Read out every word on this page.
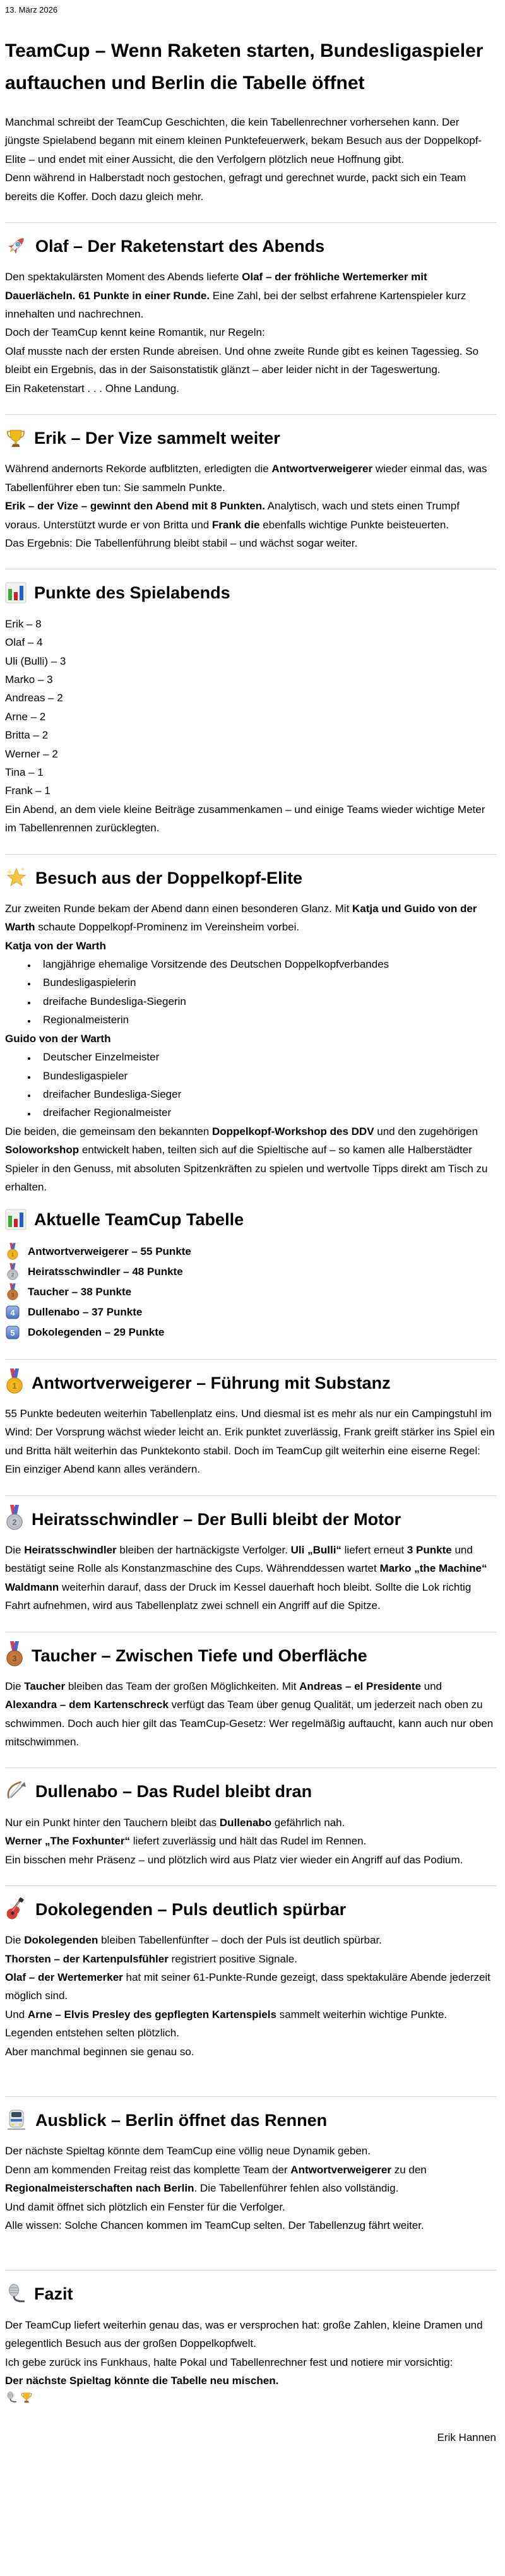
13. März 2026
TeamCup – Wenn Raketen starten, Bundesligaspieler auftauchen und Berlin die Tabelle öffnet

Manchmal schreibt der TeamCup Geschichten, die kein Tabellenrechner vorhersehen kann. Der jüngste Spielabend begann mit einem kleinen Punktefeuerwerk, bekam Besuch aus der Doppelkopf-Elite – und endet mit einer Aussicht, die den Verfolgern plötzlich neue Hoffnung gibt.

Denn während in Halberstadt noch gestochen, gefragt und gerechnet wurde, packt sich ein Team bereits die Koffer. Doch dazu gleich mehr.

Olaf – Der Raketenstart des Abends

Den spektakulärsten Moment des Abends lieferte Olaf – der fröhliche Wertemerker mit Dauerlächeln. 61 Punkte in einer Runde. Eine Zahl, bei der selbst erfahrene Kartenspieler kurz innehalten und nachrechnen.

Doch der TeamCup kennt keine Romantik, nur Regeln:

Olaf musste nach der ersten Runde abreisen. Und ohne zweite Runde gibt es keinen Tagessieg. So bleibt ein Ergebnis, das in der Saisonstatistik glänzt – aber leider nicht in der Tageswertung.

Ein Raketenstart . . . Ohne Landung.

Erik – Der Vize sammelt weiter

Während andernorts Rekorde aufblitzten, erledigten die Antwortverweigerer wieder einmal das, was Tabellenführer eben tun: Sie sammeln Punkte.

Erik – der Vize – gewinnt den Abend mit 8 Punkten. Analytisch, wach und stets einen Trumpf voraus. Unterstützt wurde er von Britta und Frank die ebenfalls wichtige Punkte beisteuerten.

Das Ergebnis: Die Tabellenführung bleibt stabil – und wächst sogar weiter.

Punkte des Spielabends
Erik – 8
Olaf – 4
Uli (Bulli) – 3
Marko – 3
Andreas – 2
Arne – 2
Britta – 2
Werner – 2
Tina – 1
Frank – 1

Ein Abend, an dem viele kleine Beiträge zusammenkamen – und einige Teams wieder wichtige Meter im Tabellenrennen zurücklegten.

Besuch aus der Doppelkopf-Elite

Zur zweiten Runde bekam der Abend dann einen besonderen Glanz. Mit Katja und Guido von der Warth schaute Doppelkopf-Prominenz im Vereinsheim vorbei.

Katja von der Warth

• langjährige ehemalige Vorsitzende des Deutschen Doppelkopfverbandes
• Bundesligaspielerin
• dreifache Bundesliga-Siegerin
• Regionalmeisterin

Guido von der Warth

• Deutscher Einzelmeister
• Bundesligaspieler
• dreifacher Bundesliga-Sieger
• dreifacher Regionalmeister

Die beiden, die gemeinsam den bekannten Doppelkopf-Workshop des DDV und den zugehörigen Soloworkshop entwickelt haben, teilten sich auf die Spieltische auf – so kamen alle Halberstädter Spieler in den Genuss, mit absoluten Spitzenkräften zu spielen und wertvolle Tipps direkt am Tisch zu erhalten.

Aktuelle TeamCup Tabelle
1 Antwortverweigerer – 55 Punkte
2 Heiratsschwindler – 48 Punkte
3 Taucher – 38 Punkte
4 Dullenabo – 37 Punkte
5 Dokolegenden – 29 Punkte
1 Antwortverweigerer – Führung mit Substanz

55 Punkte bedeuten weiterhin Tabellenplatz eins. Und diesmal ist es mehr als nur ein Campingstuhl im Wind: Der Vorsprung wächst wieder leicht an. Erik punktet zuverlässig, Frank greift stärker ins Spiel ein und Britta hält weiterhin das Punktekonto stabil. Doch im TeamCup gilt weiterhin eine eiserne Regel: Ein einziger Abend kann alles verändern.

2 Heiratsschwindler – Der Bulli bleibt der Motor

Die Heiratsschwindler bleiben der hartnäckigste Verfolger. Uli „Bulli“ liefert erneut 3 Punkte und bestätigt seine Rolle als Konstanzmaschine des Cups. Währenddessen wartet Marko „the Machine“ Waldmann weiterhin darauf, dass der Druck im Kessel dauerhaft hoch bleibt. Sollte die Lok richtig Fahrt aufnehmen, wird aus Tabellenplatz zwei schnell ein Angriff auf die Spitze.

3 Taucher – Zwischen Tiefe und Oberfläche

Die Taucher bleiben das Team der großen Möglichkeiten. Mit Andreas – el Presidente und Alexandra – dem Kartenschreck verfügt das Team über genug Qualität, um jederzeit nach oben zu schwimmen. Doch auch hier gilt das TeamCup-Gesetz: Wer regelmäßig auftaucht, kann auch nur oben mitschwimmen.

Dullenabo – Das Rudel bleibt dran

Nur ein Punkt hinter den Tauchern bleibt das Dullenabo gefährlich nah.

Werner „The Foxhunter“ liefert zuverlässig und hält das Rudel im Rennen.

Ein bisschen mehr Präsenz – und plötzlich wird aus Platz vier wieder ein Angriff auf das Podium.

Dokolegenden – Puls deutlich spürbar

Die Dokolegenden bleiben Tabellenfünfter – doch der Puls ist deutlich spürbar.

Thorsten – der Kartenpulsfühler registriert positive Signale.

Olaf – der Wertemerker hat mit seiner 61-Punkte-Runde gezeigt, dass spektakuläre Abende jederzeit möglich sind.

Und Arne – Elvis Presley des gepflegten Kartenspiels sammelt weiterhin wichtige Punkte.

Legenden entstehen selten plötzlich.

Aber manchmal beginnen sie genau so.

Ausblick – Berlin öffnet das Rennen

Der nächste Spieltag könnte dem TeamCup eine völlig neue Dynamik geben.

Denn am kommenden Freitag reist das komplette Team der Antwortverweigerer zu den Regionalmeisterschaften nach Berlin. Die Tabellenführer fehlen also vollständig.

Und damit öffnet sich plötzlich ein Fenster für die Verfolger.

Alle wissen: Solche Chancen kommen im TeamCup selten. Der Tabellenzug fährt weiter.

Fazit

Der TeamCup liefert weiterhin genau das, was er versprochen hat: große Zahlen, kleine Dramen und gelegentlich Besuch aus der großen Doppelkopfwelt.

Ich gebe zurück ins Funkhaus, halte Pokal und Tabellenrechner fest und notiere mir vorsichtig:

Der nächste Spieltag könnte die Tabelle neu mischen.

Erik Hannen
